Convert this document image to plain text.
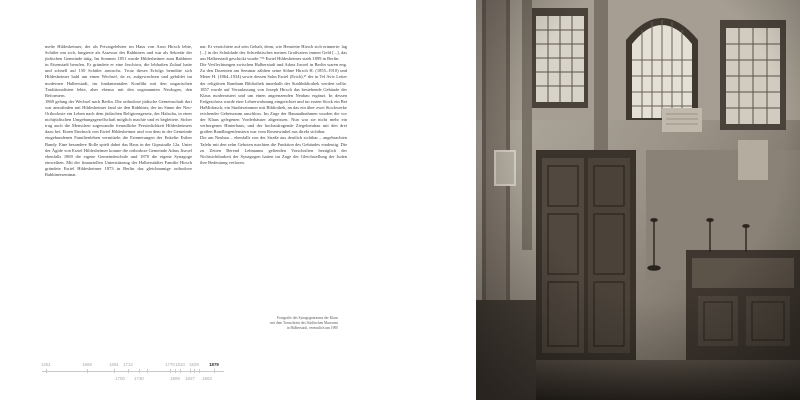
melte Hildesheimer, der als Privatgelehrter im Haus von Aron Hirsch lebte, Schüler um sich, fungierte als Assessor des Rabbiners und war als Sekretär der jüdischen Gemeinde tätig. Im Sommer 1851 wurde Hildesheimer zum Rabbiner in Eisenstadt berufen. Er gründete er eine Jeschiwa, die lebhaften Zulauf hatte und schnell auf 150 Schüler anwuchs. Trotz dieses Erfolgs bemühte sich Hildesheimer bald um einen Wechsel, da er, aufgewachsen und gebildet im modernen Halberstadt, im fundamentalen Konflikt mit den ungarischen Traditionalisten lebte, aber ebenso mit den sogenannten Neologen, den Reformern.

1869 gelang der Wechsel nach Berlin. Die orthodoxe jüdische Gemeinschaft dort war anzufinden mit Hildesheimer fand sie den Rabbiner, der im Sinne der Neo-Orthodoxie ein Leben nach dem jüdischen Religionsgesetz, der Halacha, in einer nichtjüdischen Umgebungsgesellschaft möglich machte und es begleitete. Sicher trug auch die Menschen zugewandte freundliche Persönlichkeit Hildesheimers dazu bei. Einen Eindruck von Esriel Hildesheimer und von dem in der Gemeinde eingebundenen Familienleben vermitteln die Erinnerungen der Enkelin Esther Bandy. Eine besondere Rolle spielt dabei das Haus in der Gipsstraße 12a. Unter der Ägide von Esriel Hildesheimer konnte die orthodoxe Gemeinde Adass Jisroel ebenfalls 1869 die eigene Gemeindeschule und 1870 die eigene Synagoge einweihen. Mit der finanziellen Unterstützung der Halberstädter Familie Hirsch gründete Esriel Hildesheimer 1873 in Berlin das gleichnamige orthodoxe Rabbinerseminar.

nar. Er verzichtete auf sein Gehalt, denn, wie Henriette Hirsch sich erinnerte: lag [...] in der Schublade des Schreibtisches meines Großvaters immer Geld [...], das aus Halberstadt geschickt wurde.”²⁶ Esriel Hildesheimer starb 1899 in Berlin.

Die Verflechtungen zwischen Halberstadt und Adass Jisroel in Berlin waren eng. Zu den Dozenten am Seminar zählten seine Söhne Hirsch H. (1855–1910) und Meier H. (1864–1934) sowie dessen Sohn Esriel (Erich),²⁷ der in Tel Aviv Leiter der religiösen Rambam Bibliothek innerhalb der Stadtbibliothek werden sollte. 1857 wurde auf Veranlassung von Joseph Hirsch das bestehende Gebäude der Klaus modernisiert und um einen angrenzenden Neubau ergänzt. In dessen Erdgeschoss wurde eine Lehrerwohnung eingerichtet und im ersten Stock ein Bet HaMidrasch, ein Studierzimmer mit Bibliothek, an das ein über zwei Stockwerke reichender Gebetsraum anschloss. Im Zuge der Baumaßnahmen wurden die vor der Klaus gelegenen Vorderhäuser abgerissen. Nun war sie nicht mehr ein verborgenes Hinterhaus, und der hochaufragende Ziegelneubau mit den drei großen Rundbogenfenstern war vom Rosenwinkel aus direkt sichtbar.

Die am Neubau – ebenfalls von der Straße aus deutlich sichtbar – angebrachten Tafeln mit den zehn Geboten machten die Funktion des Gebäudes eindeutig. Die zu Zeiten Berend Lehmanns geltenden Vorschriften bezüglich der Nichtsichtbarkeit der Synagogen hatten im Zuge der Gleichstellung der Juden ihre Bedeutung verloren.

Fotografie des Synagogenraums der Klaus
mit dem Toraschrein des Städtischen Museums
in Halberstadt, vermutlich um 1900
1261	1669	1691 1712	1770 1810 1829 1879
1700 1730	1809 1827 1863
